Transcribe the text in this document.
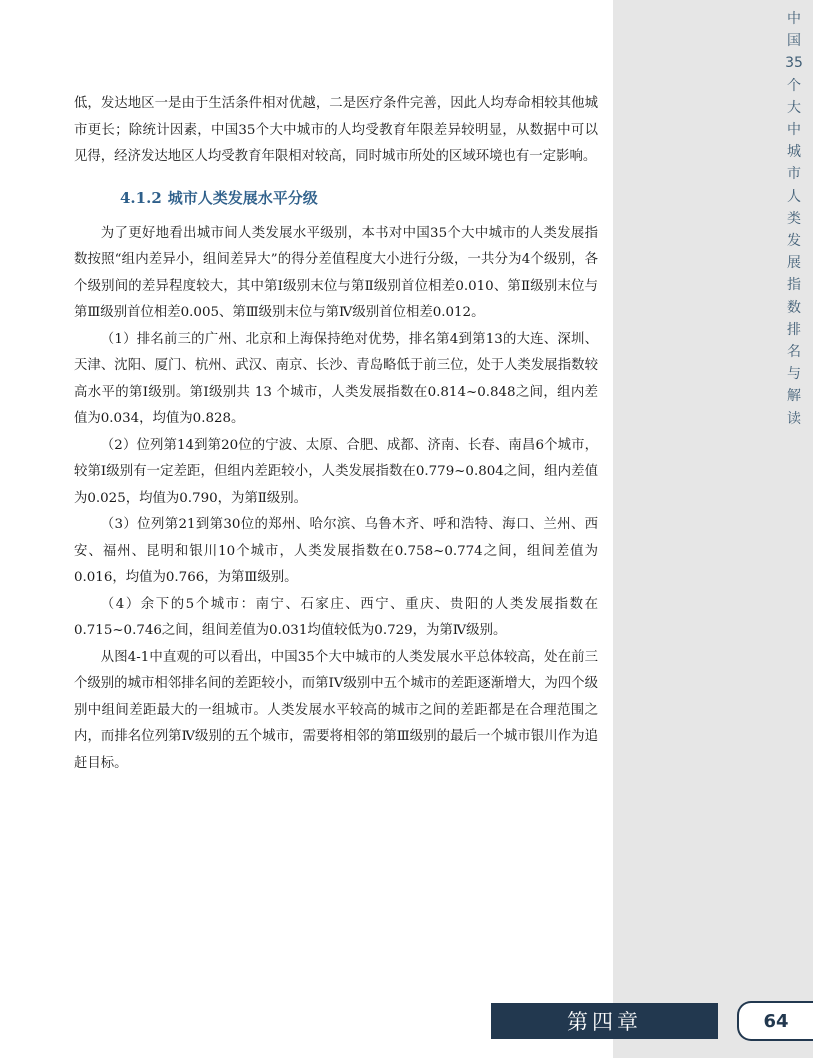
中国35个大中城市人类发展指数排名与解读

低，发达地区一是由于生活条件相对优越，二是医疗条件完善，因此人均寿命相较其他城市更长；除统计因素，中国35个大中城市的人均受教育年限差异较明显，从数据中可以见得，经济发达地区人均受教育年限相对较高，同时城市所处的区域环境也有一定影响。

4.1.2 城市人类发展水平分级

为了更好地看出城市间人类发展水平级别，本书对中国35个大中城市的人类发展指数按照“组内差异小，组间差异大”的得分差值程度大小进行分级，一共分为4个级别，各个级别间的差异程度较大，其中第Ⅰ级别末位与第Ⅱ级别首位相差0.010、第Ⅱ级别末位与第Ⅲ级别首位相差0.005、第Ⅲ级别末位与第Ⅳ级别首位相差0.012。

（1）排名前三的广州、北京和上海保持绝对优势，排名第4到第13的大连、深圳、天津、沈阳、厦门、杭州、武汉、南京、长沙、青岛略低于前三位，处于人类发展指数较高水平的第Ⅰ级别。第Ⅰ级别共 13 个城市，人类发展指数在0.814~0.848之间，组内差值为0.034，均值为0.828。

（2）位列第14到第20位的宁波、太原、合肥、成都、济南、长春、南昌6个城市，较第Ⅰ级别有一定差距，但组内差距较小，人类发展指数在0.779~0.804之间，组内差值为0.025，均值为0.790，为第Ⅱ级别。

（3）位列第21到第30位的郑州、哈尔滨、乌鲁木齐、呼和浩特、海口、兰州、西安、福州、昆明和银川10个城市，人类发展指数在0.758~0.774之间，组间差值为0.016，均值为0.766，为第Ⅲ级别。

（4）余下的5个城市：南宁、石家庄、西宁、重庆、贵阳的人类发展指数在0.715~0.746之间，组间差值为0.031均值较低为0.729，为第Ⅳ级别。

从图4-1中直观的可以看出，中国35个大中城市的人类发展水平总体较高，处在前三个级别的城市相邻排名间的差距较小，而第IV级别中五个城市的差距逐渐增大，为四个级别中组间差距最大的一组城市。人类发展水平较高的城市之间的差距都是在合理范围之内，而排名位列第Ⅳ级别的五个城市，需要将相邻的第Ⅲ级别的最后一个城市银川作为追赶目标。

第四章	64
